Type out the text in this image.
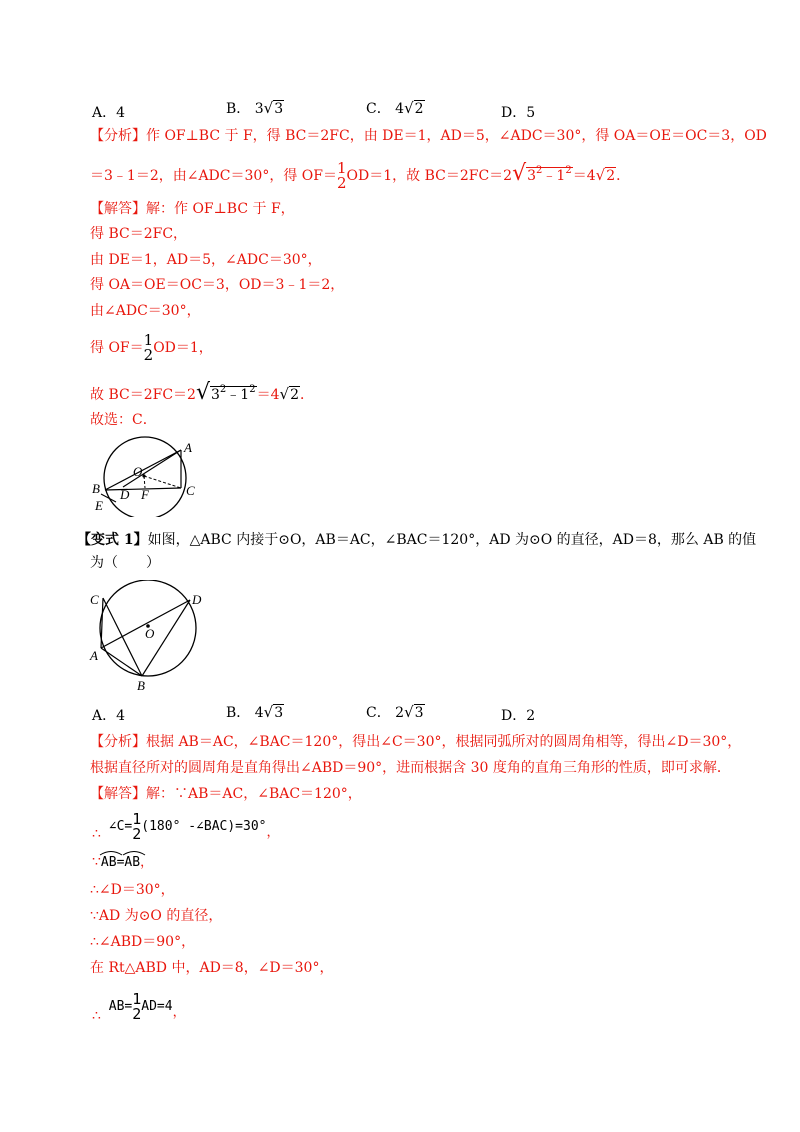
A．4	B． 3√3	C． 4√2	D．5
【分析】作 OF⊥BC 于 F，得 BC＝2FC，由 DE＝1，AD＝5，∠ADC＝30°，得 OA＝OE＝OC＝3，OD
＝3﹣1＝2，由∠ADC＝30°，得 OF＝ 1
2 OD＝1，故 $BC=2FC=2√3^2﹣1^2=4√2$．
【解答】解：作 OF⊥BC 于 F，
得 BC＝2FC，
由 DE＝1，AD＝5，∠ADC＝30°，
得 OA＝OE＝OC＝3，OD＝3﹣1＝2，
由∠ADC＝30°，
得 OF＝ 1
2 OD＝1，
故 $BC=2FC=2√3^2﹣1^2=4√2$．
故选：C．
A
O
B	C
D F
E
【变式 1】如图，△ABC 内接于⊙O，AB＝AC，∠BAC＝120°，AD 为⊙O 的直径，AD＝8，那么 AB 的值
为（　　）
C	D
O
A
B
A．4	B． 4√3	C． 2√3	D．2
【分析】根据 AB＝AC，∠BAC＝120°，得出∠C＝30°，根据同弧所对的圆周角相等，得出∠D＝30°，
根据直径所对的圆周角是直角得出∠ABD＝90°，进而根据含 30 度角的直角三角形的性质，即可求解．
【解答】解：∵AB＝AC，∠BAC＝120°，
∴ ∠C= 1
2 (180° -∠BAC)=30°，
∵AB
=AB
，
∴∠D＝30°，
∵AD 为⊙O 的直径，
∴∠ABD＝90°，
在 Rt△ABD 中，AD＝8，∠D＝30°，
∴ AB= 1
2 AD=4，
